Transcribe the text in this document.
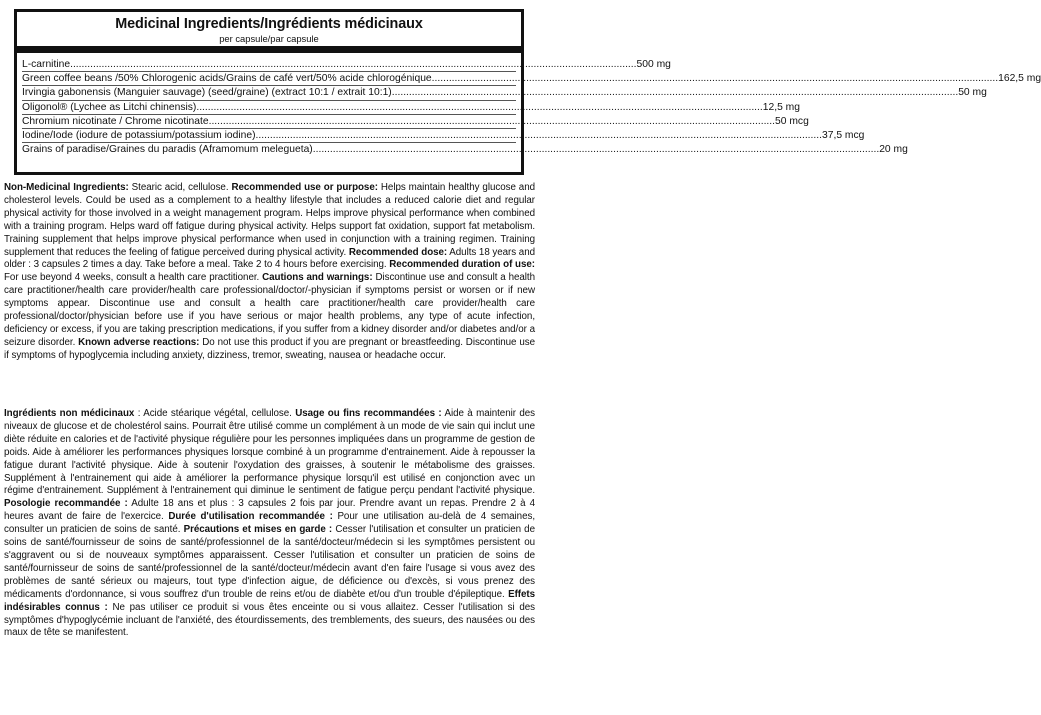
Medicinal Ingredients/Ingrédients médicinaux
per capsule/par capsule
L-carnitine .....	500 mg
Green coffee beans /50% Chlorogenic acids/Grains de café vert/50% acide chlorogénique .....	162,5 mg
Irvingia gabonensis (Manguier sauvage) (seed/graine) (extract 10:1 / extrait 10:1) .....	50 mg
Oligonol® (Lychee as Litchi chinensis) .....	12,5 mg
Chromium nicotinate / Chrome nicotinate .....	50 mcg
Iodine/Iode (iodure de potassium/potassium iodine) .....	37,5 mcg
Grains of paradise/Graines du paradis (Aframomum melegueta) .....	20 mg
Non-Medicinal Ingredients: Stearic acid, cellulose. Recommended use or purpose: Helps maintain healthy glucose and cholesterol levels. Could be used as a complement to a healthy lifestyle that includes a reduced calorie diet and regular physical activity for those involved in a weight management program. Helps improve physical performance when combined with a training program. Helps ward off fatigue during physical activity. Helps support fat oxidation, support fat metabolism. Training supplement that helps improve physical performance when used in conjunction with a training regimen. Training supplement that reduces the feeling of fatigue perceived during physical activity. Recommended dose: Adults 18 years and older : 3 capsules 2 times a day. Take before a meal. Take 2 to 4 hours before exercising. Recommended duration of use: For use beyond 4 weeks, consult a health care practitioner. Cautions and warnings: Discontinue use and consult a health care practitioner/health care provider/health care professional/doctor/-physician if symptoms persist or worsen or if new symptoms appear. Discontinue use and consult a health care practitioner/health care provider/health care professional/doctor/physician before use if you have serious or major health problems, any type of acute infection, deficiency or excess, if you are taking prescription medications, if you suffer from a kidney disorder and/or diabetes and/or a seizure disorder. Known adverse reactions: Do not use this product if you are pregnant or breastfeeding. Discontinue use if symptoms of hypoglycemia including anxiety, dizziness, tremor, sweating, nausea or headache occur.
Ingrédients non médicinaux : Acide stéarique végétal, cellulose. Usage ou fins recommandées : Aide à maintenir des niveaux de glucose et de cholestérol sains. Pourrait être utilisé comme un complément à un mode de vie sain qui inclut une diète réduite en calories et de l'activité physique régulière pour les personnes impliquées dans un programme de gestion de poids. Aide à améliorer les performances physiques lorsque combiné à un programme d'entrainement. Aide à repousser la fatigue durant l'activité physique. Aide à soutenir l'oxydation des graisses, à soutenir le métabolisme des graisses. Supplément à l'entrainement qui aide à améliorer la performance physique lorsqu'il est utilisé en conjonction avec un régime d'entrainement. Supplément à l'entrainement qui diminue le sentiment de fatigue perçu pendant l'activité physique. Posologie recommandée : Adulte 18 ans et plus : 3 capsules 2 fois par jour. Prendre avant un repas. Prendre 2 à 4 heures avant de faire de l'exercice. Durée d'utilisation recommandée : Pour une utilisation au-delà de 4 semaines, consulter un praticien de soins de santé. Précautions et mises en garde : Cesser l'utilisation et consulter un praticien de soins de santé/fournisseur de soins de santé/professionnel de la santé/docteur/médecin si les symptômes persistent ou s'aggravent ou si de nouveaux symptômes apparaissent. Cesser l'utilisation et consulter un praticien de soins de santé/fournisseur de soins de santé/professionnel de la santé/docteur/médecin avant d'en faire l'usage si vous avez des problèmes de santé sérieux ou majeurs, tout type d'infection aigue, de déficience ou d'excès, si vous prenez des médicaments d'ordonnance, si vous souffrez d'un trouble de reins et/ou de diabète et/ou d'un trouble d'épileptique. Effets indésirables connus : Ne pas utiliser ce produit si vous êtes enceinte ou si vous allaitez. Cesser l'utilisation si des symptômes d'hypoglycémie incluant de l'anxiété, des étourdissements, des tremblements, des sueurs, des nausées ou des maux de tête se manifestent.
